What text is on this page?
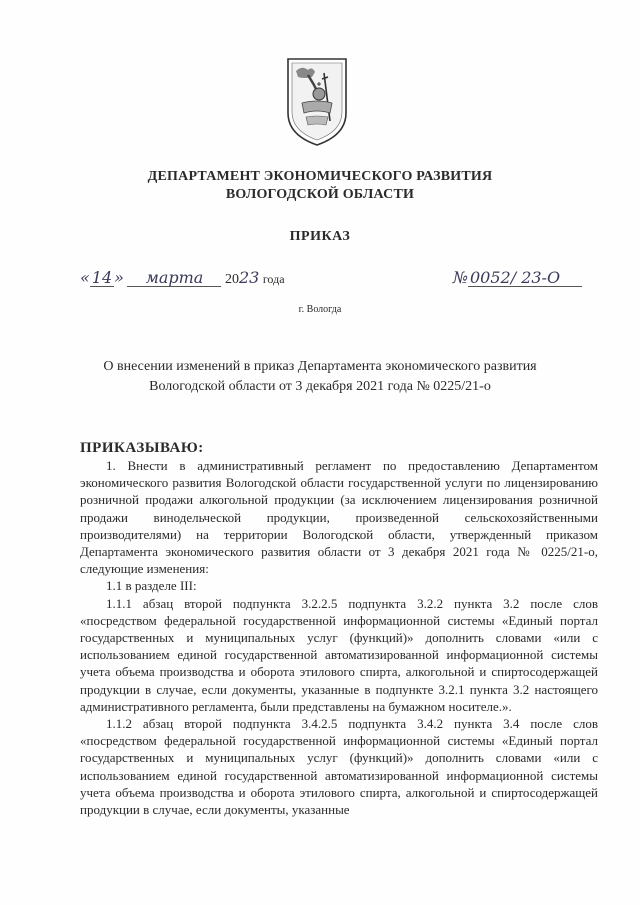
ДЕПАРТАМЕНТ ЭКОНОМИЧЕСКОГО РАЗВИТИЯ
ВОЛОГОДСКОЙ ОБЛАСТИ
ПРИКАЗ
« 14 » марта 2023 года	№ 0052/ 23-О
г. Вологда
О внесении изменений в приказ Департамента экономического развития
Вологодской области от 3 декабря 2021 года № 0225/21-о
ПРИКАЗЫВАЮ:
1. Внести в административный регламент по предоставлению Департаментом экономического развития Вологодской области государственной услуги по лицензированию розничной продажи алкогольной продукции (за исключением лицензирования розничной продажи винодельческой продукции, произведенной сельскохозяйственными производителями) на территории Вологодской области, утвержденный приказом Департамента экономического развития области от 3 декабря 2021 года № 0225/21-о, следующие изменения:
1.1 в разделе III:
1.1.1 абзац второй подпункта 3.2.2.5 подпункта 3.2.2 пункта 3.2 после слов «посредством федеральной государственной информационной системы «Единый портал государственных и муниципальных услуг (функций)» дополнить словами «или с использованием единой государственной автоматизированной информационной системы учета объема производства и оборота этилового спирта, алкогольной и спиртосодержащей продукции в случае, если документы, указанные в подпункте 3.2.1 пункта 3.2 настоящего административного регламента, были представлены на бумажном носителе.».
1.1.2 абзац второй подпункта 3.4.2.5 подпункта 3.4.2 пункта 3.4 после слов «посредством федеральной государственной информационной системы «Единый портал государственных и муниципальных услуг (функций)» дополнить словами «или с использованием единой государственной автоматизированной информационной системы учета объема производства и оборота этилового спирта, алкогольной и спиртосодержащей продукции в случае, если документы, указанные
